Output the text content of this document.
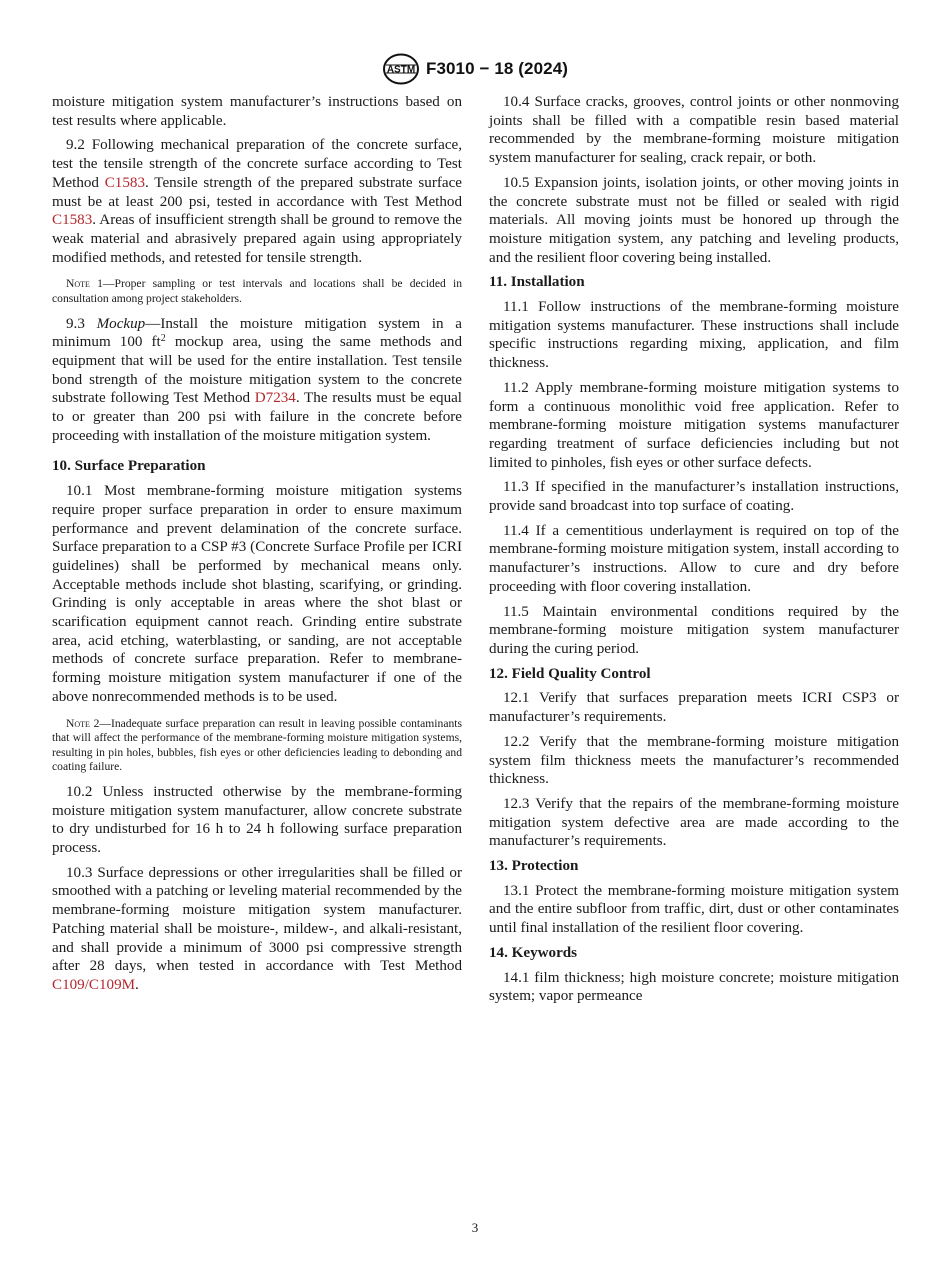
ASTM F3010 − 18 (2024)

moisture mitigation system manufacturer’s instructions based on test results where applicable.

9.2 Following mechanical preparation of the concrete surface, test the tensile strength of the concrete surface according to Test Method C1583. Tensile strength of the prepared substrate surface must be at least 200 psi, tested in accordance with Test Method C1583. Areas of insufficient strength shall be ground to remove the weak material and abrasively prepared again using appropriately modified methods, and retested for tensile strength.

Note 1—Proper sampling or test intervals and locations shall be decided in consultation among project stakeholders.

9.3 Mockup—Install the moisture mitigation system in a minimum 100 $ft^2$ mockup area, using the same methods and equipment that will be used for the entire installation. Test tensile bond strength of the moisture mitigation system to the concrete substrate following Test Method D7234. The results must be equal to or greater than 200 psi with failure in the concrete before proceeding with installation of the moisture mitigation system.

10. Surface Preparation

10.1 Most membrane-forming moisture mitigation systems require proper surface preparation in order to ensure maximum performance and prevent delamination of the concrete surface. Surface preparation to a CSP #3 (Concrete Surface Profile per ICRI guidelines) shall be performed by mechanical means only. Acceptable methods include shot blasting, scarifying, or grinding. Grinding is only acceptable in areas where the shot blast or scarification equipment cannot reach. Grinding entire substrate area, acid etching, waterblasting, or sanding, are not acceptable methods of concrete surface preparation. Refer to membrane-forming moisture mitigation system manufacturer if one of the above nonrecommended methods is to be used.

Note 2—Inadequate surface preparation can result in leaving possible contaminants that will affect the performance of the membrane-forming moisture mitigation systems, resulting in pin holes, bubbles, fish eyes or other deficiencies leading to debonding and coating failure.

10.2 Unless instructed otherwise by the membrane-forming moisture mitigation system manufacturer, allow concrete substrate to dry undisturbed for 16 h to 24 h following surface preparation process.

10.3 Surface depressions or other irregularities shall be filled or smoothed with a patching or leveling material recommended by the membrane-forming moisture mitigation system manufacturer. Patching material shall be moisture-, mildew-, and alkali-resistant, and shall provide a minimum of 3000 psi compressive strength after 28 days, when tested in accordance with Test Method C109/C109M.

10.4 Surface cracks, grooves, control joints or other nonmoving joints shall be filled with a compatible resin based material recommended by the membrane-forming moisture mitigation system manufacturer for sealing, crack repair, or both.

10.5 Expansion joints, isolation joints, or other moving joints in the concrete substrate must not be filled or sealed with rigid materials. All moving joints must be honored up through the moisture mitigation system, any patching and leveling products, and the resilient floor covering being installed.

11. Installation

11.1 Follow instructions of the membrane-forming moisture mitigation systems manufacturer. These instructions shall include specific instructions regarding mixing, application, and film thickness.

11.2 Apply membrane-forming moisture mitigation systems to form a continuous monolithic void free application. Refer to membrane-forming moisture mitigation systems manufacturer regarding treatment of surface deficiencies including but not limited to pinholes, fish eyes or other surface defects.

11.3 If specified in the manufacturer’s installation instructions, provide sand broadcast into top surface of coating.

11.4 If a cementitious underlayment is required on top of the membrane-forming moisture mitigation system, install according to manufacturer’s instructions. Allow to cure and dry before proceeding with floor covering installation.

11.5 Maintain environmental conditions required by the membrane-forming moisture mitigation system manufacturer during the curing period.

12. Field Quality Control

12.1 Verify that surfaces preparation meets ICRI CSP3 or manufacturer’s requirements.

12.2 Verify that the membrane-forming moisture mitigation system film thickness meets the manufacturer’s recommended thickness.

12.3 Verify that the repairs of the membrane-forming moisture mitigation system defective area are made according to the manufacturer’s requirements.

13. Protection

13.1 Protect the membrane-forming moisture mitigation system and the entire subfloor from traffic, dirt, dust or other contaminates until final installation of the resilient floor covering.

14. Keywords

14.1 film thickness; high moisture concrete; moisture mitigation system; vapor permeance

3
